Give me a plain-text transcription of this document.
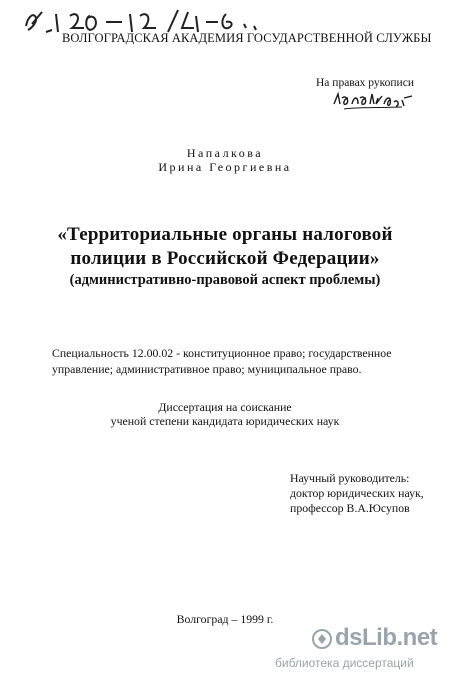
ВОЛГОГРАДСКАЯ АКАДЕМИЯ ГОСУДАРСТВЕННОЙ СЛУЖБЫ
На правах рукописи
Напалкова
Ирина Георгиевна
«Территориальные органы налоговой
полиции в Российской Федерации»
(административно-правовой аспект проблемы)
Специальность 12.00.02 - конституционное право; государственное управление; административное право; муниципальное право.
Диссертация на соискание
ученой степени кандидата юридических наук
Научный руководитель:
доктор юридических наук,
профессор В.А.Юсупов
Волгоград – 1999 г.
dsLib.net
библиотека диссертаций
